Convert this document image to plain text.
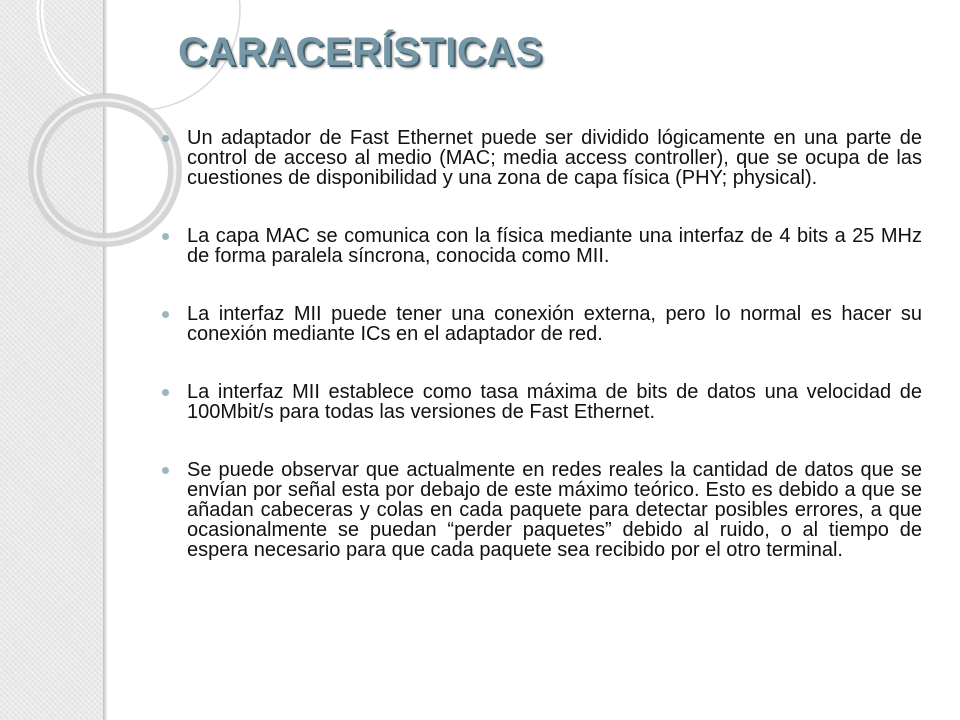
CARACERÍSTICAS
Un adaptador de Fast Ethernet puede ser dividido lógicamente en una parte de control de acceso al medio (MAC; media access controller), que se ocupa de las cuestiones de disponibilidad y una zona de capa física (PHY; physical).
La capa MAC se comunica con la física mediante una interfaz de 4 bits a 25 MHz de forma paralela síncrona, conocida como MII.
La interfaz MII puede tener una conexión externa, pero lo normal es hacer su conexión mediante ICs en el adaptador de red.
La interfaz MII establece como tasa máxima de bits de datos una velocidad de 100Mbit/s para todas las versiones de Fast Ethernet.
Se puede observar que actualmente en redes reales la cantidad de datos que se envían por señal esta por debajo de este máximo teórico. Esto es debido a que se añadan cabeceras y colas en cada paquete para detectar posibles errores, a que ocasionalmente se puedan “perder paquetes” debido al ruido, o al tiempo de espera necesario para que cada paquete sea recibido por el otro terminal.
